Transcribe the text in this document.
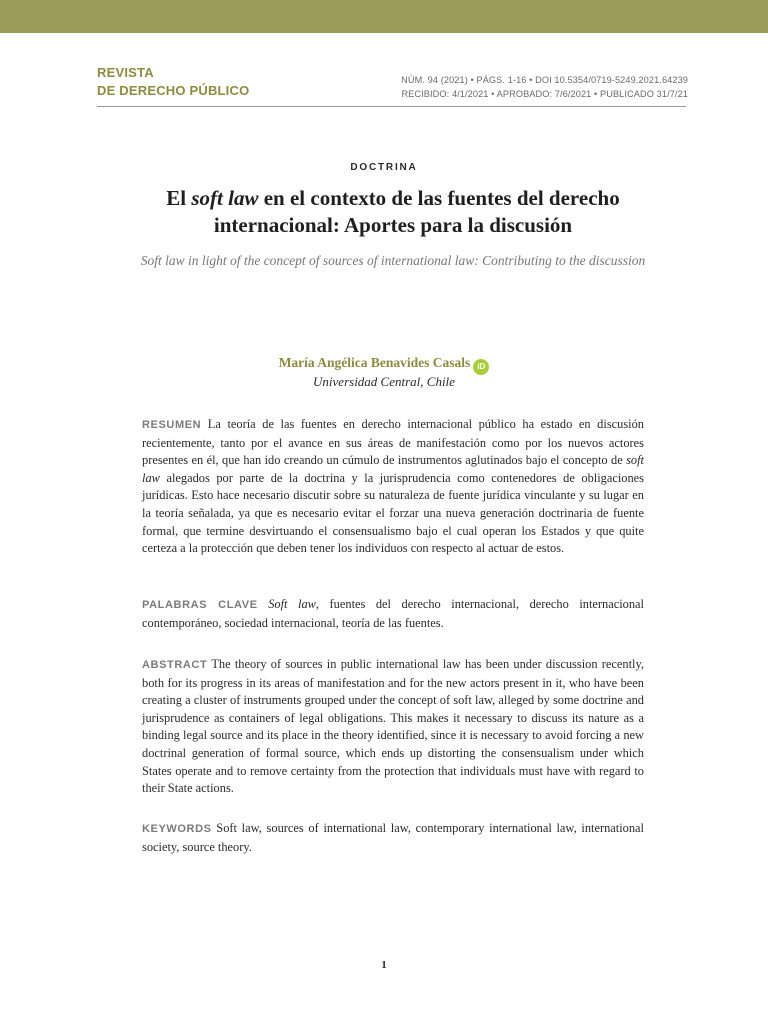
REVISTA
DE DERECHO PÚBLICO
NÚM. 94 (2021) • PÁGS. 1-16 • DOI 10.5354/0719-5249.2021.64239
RECIBIDO: 4/1/2021 • APROBADO: 7/6/2021 • PUBLICADO 31/7/21
DOCTRINA
El soft law en el contexto de las fuentes del derecho internacional: Aportes para la discusión
Soft law in light of the concept of sources of international law: Contributing to the discussion
María Angélica Benavides Casals iD
Universidad Central, Chile
RESUMEN La teoría de las fuentes en derecho internacional público ha estado en discusión recientemente, tanto por el avance en sus áreas de manifestación como por los nuevos actores presentes en él, que han ido creando un cúmulo de instrumentos aglutinados bajo el concepto de soft law alegados por parte de la doctrina y la jurisprudencia como contenedores de obligaciones jurídicas. Esto hace necesario discutir sobre su naturaleza de fuente jurídica vinculante y su lugar en la teoría señalada, ya que es necesario evitar el forzar una nueva generación doctrinaria de fuente formal, que termine desvirtuando el consensualismo bajo el cual operan los Estados y que quite certeza a la protección que deben tener los individuos con respecto al actuar de estos.
PALABRAS CLAVE Soft law, fuentes del derecho internacional, derecho internacional contemporáneo, sociedad internacional, teoría de las fuentes.
ABSTRACT The theory of sources in public international law has been under discussion recently, both for its progress in its areas of manifestation and for the new actors present in it, who have been creating a cluster of instruments grouped under the concept of soft law, alleged by some doctrine and jurisprudence as containers of legal obligations. This makes it necessary to discuss its nature as a binding legal source and its place in the theory identified, since it is necessary to avoid forcing a new doctrinal generation of formal source, which ends up distorting the consensualism under which States operate and to remove certainty from the protection that individuals must have with regard to their State actions.
KEYWORDS Soft law, sources of international law, contemporary international law, international society, source theory.
1
